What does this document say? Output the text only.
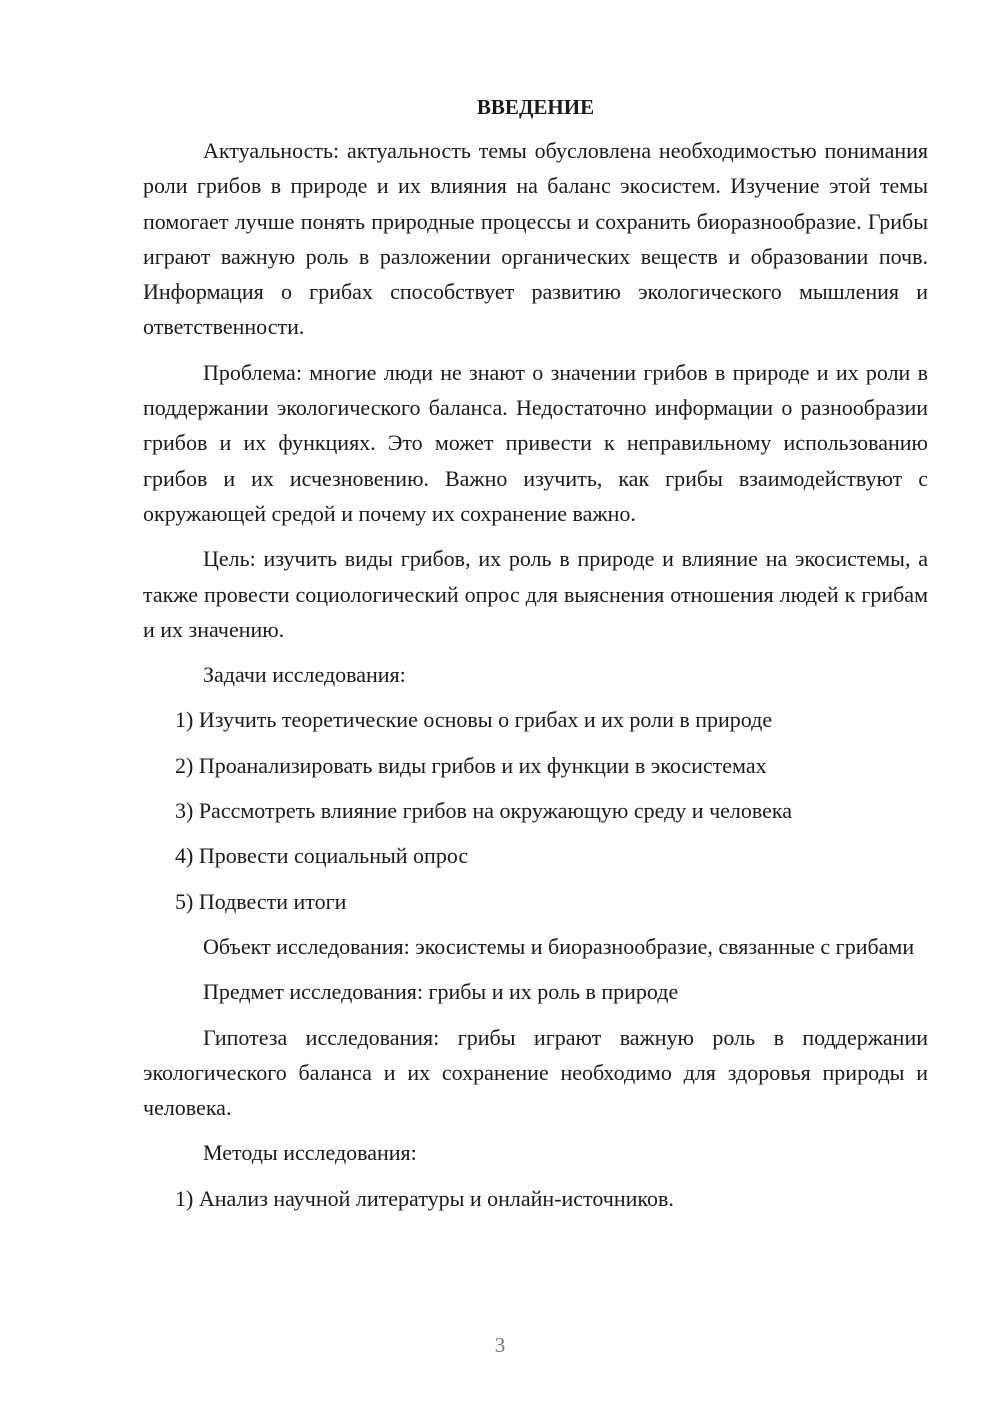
ВВЕДЕНИЕ

Актуальность: актуальность темы обусловлена необходимостью понимания роли грибов в природе и их влияния на баланс экосистем. Изучение этой темы помогает лучше понять природные процессы и сохранить биоразнообразие. Грибы играют важную роль в разложении органических веществ и образовании почв. Информация о грибах способствует развитию экологического мышления и ответственности.

Проблема: многие люди не знают о значении грибов в природе и их роли в поддержании экологического баланса. Недостаточно информации о разнообразии грибов и их функциях. Это может привести к неправильному использованию грибов и их исчезновению. Важно изучить, как грибы взаимодействуют с окружающей средой и почему их сохранение важно.

Цель: изучить виды грибов, их роль в природе и влияние на экосистемы, а также провести социологический опрос для выяснения отношения людей к грибам и их значению.

Задачи исследования:

1) Изучить теоретические основы о грибах и их роли в природе

2) Проанализировать виды грибов и их функции в экосистемах

3) Рассмотреть влияние грибов на окружающую среду и человека

4) Провести социальный опрос

5) Подвести итоги

Объект исследования: экосистемы и биоразнообразие, связанные с грибами

Предмет исследования: грибы и их роль в природе

Гипотеза исследования: грибы играют важную роль в поддержании экологического баланса и их сохранение необходимо для здоровья природы и человека.

Методы исследования:

1) Анализ научной литературы и онлайн-источников.

3
